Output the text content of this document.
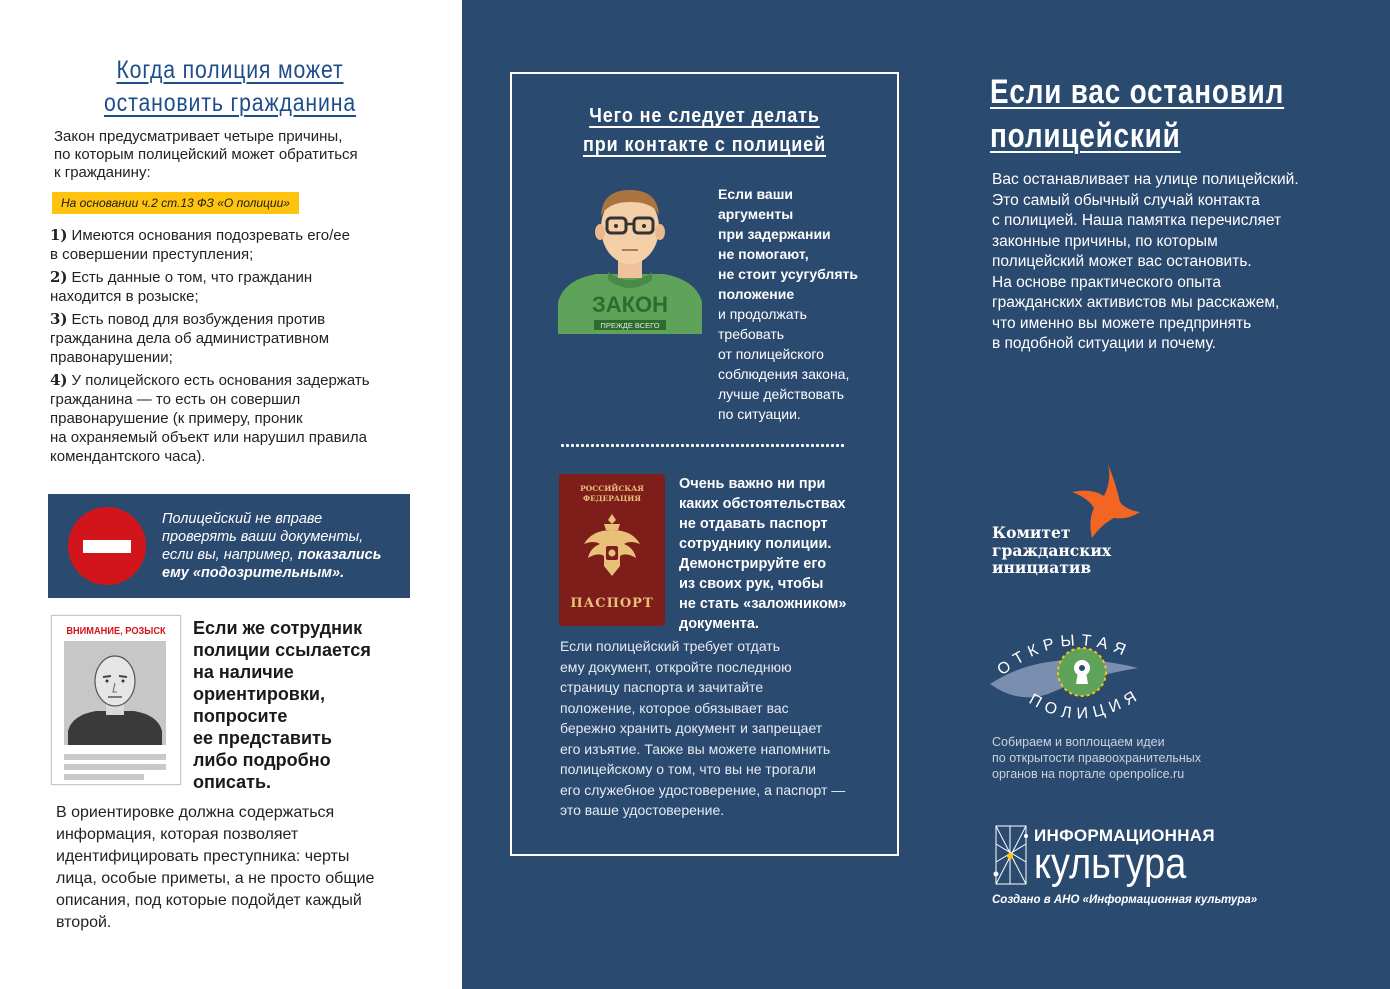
Когда полиция может
остановить гражданина
Закон предусматривает четыре причины,
по которым полицейский может обратиться
к гражданину:
На основании ч.2 ст.13 ФЗ «О полиции»
1) Имеются основания подозревать его/ее
в совершении преступления;
2) Есть данные о том, что гражданин
находится в розыске;
3) Есть повод для возбуждения против
гражданина дела об административном
правонарушении;
4) У полицейского есть основания задержать
гражданина — то есть он совершил
правонарушение (к примеру, проник
на охраняемый объект или нарушил правила
комендантского часа).
Полицейский не вправе
проверять ваши документы,
если вы, например, показались
ему «подозрительным».
ВНИМАНИЕ, РОЗЫСК	Если же сотрудник
полиции ссылается
на наличие
ориентировки,
попросите
ее представить
либо подробно
описать.
В ориентировке должна содержаться
информация, которая позволяет
идентифицировать преступника: черты
лица, особые приметы, а не просто общие
описания, под которые подойдет каждый
второй.
Чего не следует делать
при контакте с полицией
ЗАКОН
ПРЕЖДЕ ВСЕГО
Если ваши
аргументы
при задержании
не помогают,
не стоит усугублять
положение
и продолжать
требовать
от полицейского
соблюдения закона,
лучше действовать
по ситуации.
РОССИЙСКАЯ
ФЕДЕРАЦИЯ
ПАСПОРТ
Очень важно ни при
каких обстоятельствах
не отдавать паспорт
сотруднику полиции.
Демонстрируйте его
из своих рук, чтобы
не стать «заложником»
документа.
Если полицейский требует отдать
ему документ, откройте последнюю
страницу паспорта и зачитайте
положение, которое обязывает вас
бережно хранить документ и запрещает
его изъятие. Также вы можете напомнить
полицейскому о том, что вы не трогали
его служебное удостоверение, а паспорт —
это ваше удостоверение.
Если вас остановил
полицейский
Вас останавливает на улице полицейский.
Это самый обычный случай контакта
с полицией. Наша памятка перечисляет
законные причины, по которым
полицейский может вас остановить.
На основе практического опыта
гражданских активистов мы расскажем,
что именно вы можете предпринять
в подобной ситуации и почему.
Комитет
гражданских
инициатив
ОТКРЫТАЯ
ПОЛИЦИЯ
Собираем и воплощаем идеи
по открытости правоохранительных
органов на портале openpolice.ru
ИНФОРМАЦИОННАЯ
культура
Создано в АНО «Информационная культура»
